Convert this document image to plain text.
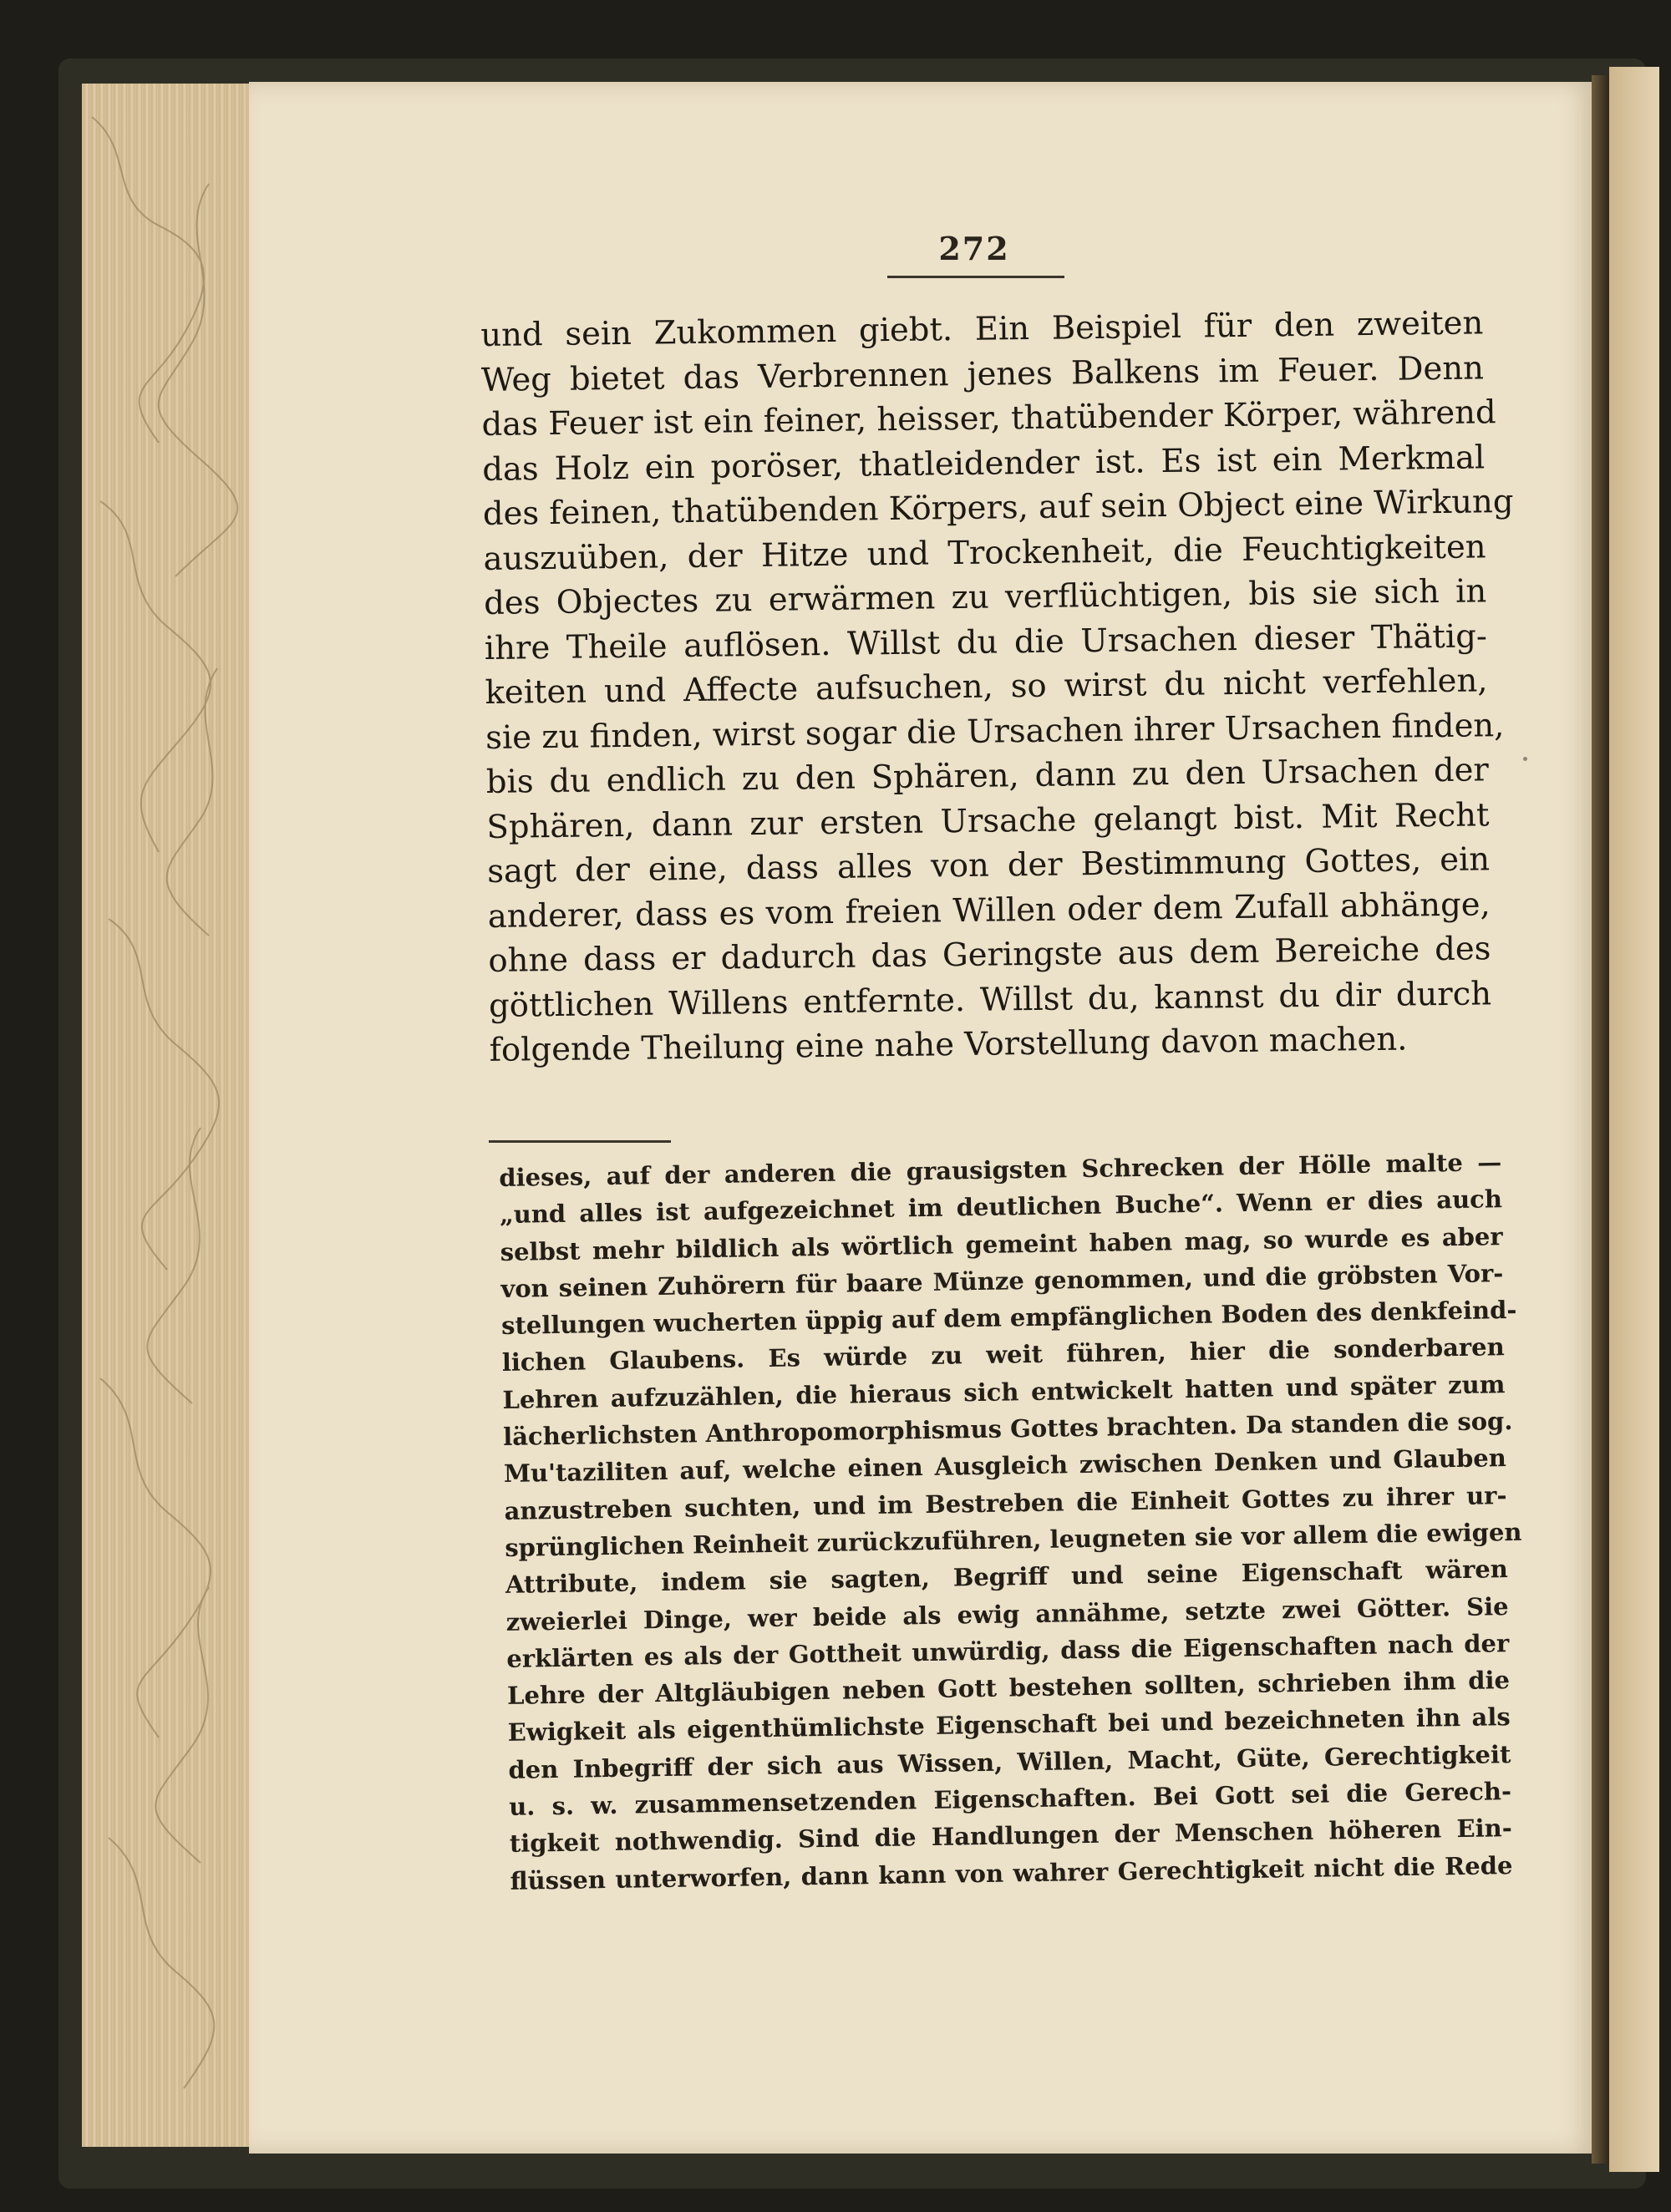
272
und sein Zukommen giebt. Ein Beispiel für den zweiten
Weg bietet das Verbrennen jenes Balkens im Feuer. Denn
das Feuer ist ein feiner, heisser, thatübender Körper, während
das Holz ein poröser, thatleidender ist. Es ist ein Merkmal
des feinen, thatübenden Körpers, auf sein Object eine Wirkung
auszuüben, der Hitze und Trockenheit, die Feuchtigkeiten
des Objectes zu erwärmen zu verflüchtigen, bis sie sich in
ihre Theile auflösen. Willst du die Ursachen dieser Thätig-
keiten und Affecte aufsuchen, so wirst du nicht verfehlen,
sie zu finden, wirst sogar die Ursachen ihrer Ursachen finden,
bis du endlich zu den Sphären, dann zu den Ursachen der
Sphären, dann zur ersten Ursache gelangt bist. Mit Recht
sagt der eine, dass alles von der Bestimmung Gottes, ein
anderer, dass es vom freien Willen oder dem Zufall abhänge,
ohne dass er dadurch das Geringste aus dem Bereiche des
göttlichen Willens entfernte. Willst du, kannst du dir durch
folgende Theilung eine nahe Vorstellung davon machen.
dieses, auf der anderen die grausigsten Schrecken der Hölle malte —
„und alles ist aufgezeichnet im deutlichen Buche“. Wenn er dies auch
selbst mehr bildlich als wörtlich gemeint haben mag, so wurde es aber
von seinen Zuhörern für baare Münze genommen, und die gröbsten Vor-
stellungen wucherten üppig auf dem empfänglichen Boden des denkfeind-
lichen Glaubens. Es würde zu weit führen, hier die sonderbaren
Lehren aufzuzählen, die hieraus sich entwickelt hatten und später zum
lächerlichsten Anthropomorphismus Gottes brachten. Da standen die sog.
Mu'taziliten auf, welche einen Ausgleich zwischen Denken und Glauben
anzustreben suchten, und im Bestreben die Einheit Gottes zu ihrer ur-
sprünglichen Reinheit zurückzuführen, leugneten sie vor allem die ewigen
Attribute, indem sie sagten, Begriff und seine Eigenschaft wären
zweierlei Dinge, wer beide als ewig annähme, setzte zwei Götter. Sie
erklärten es als der Gottheit unwürdig, dass die Eigenschaften nach der
Lehre der Altgläubigen neben Gott bestehen sollten, schrieben ihm die
Ewigkeit als eigenthümlichste Eigenschaft bei und bezeichneten ihn als
den Inbegriff der sich aus Wissen, Willen, Macht, Güte, Gerechtigkeit
u. s. w. zusammensetzenden Eigenschaften. Bei Gott sei die Gerech-
tigkeit nothwendig. Sind die Handlungen der Menschen höheren Ein-
flüssen unterworfen, dann kann von wahrer Gerechtigkeit nicht die Rede
